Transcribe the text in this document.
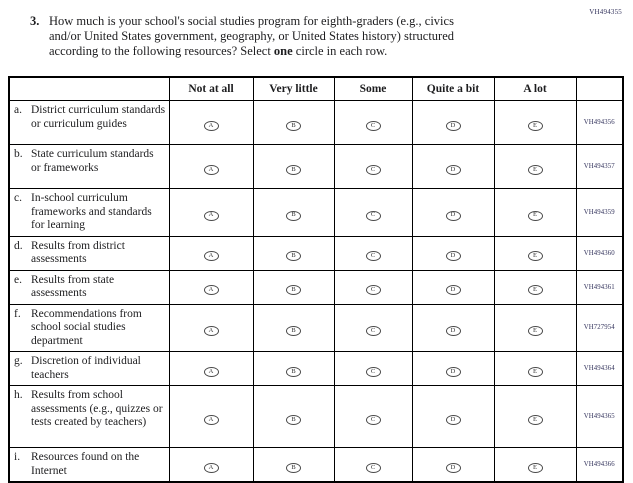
VH494355
3. How much is your school's social studies program for eighth-graders (e.g., civics
and/or United States government, geography, or United States history) structured
according to the following resources? Select one circle in each row.
	Not at all	Very little	Some	Quite a bit	A lot	

a. District curriculum standards or curriculum guides	A	B	C	D	E	VH494356

b. State curriculum standards or frameworks	A	B	C	D	E	VH494357

c. In-school curriculum frameworks and standards for learning	A	B	C	D	E	VH494359

d. Results from district assessments	A	B	C	D	E	VH494360

e. Results from state assessments	A	B	C	D	E	VH494361

f. Recommendations from school social studies department	A	B	C	D	E	VH727954

g. Discretion of individual teachers	A	B	C	D	E	VH494364

h. Results from school assessments (e.g., quizzes or tests created by teachers)	A	B	C	D	E	VH494365

i. Resources found on the Internet	A	B	C	D	E	VH494366
